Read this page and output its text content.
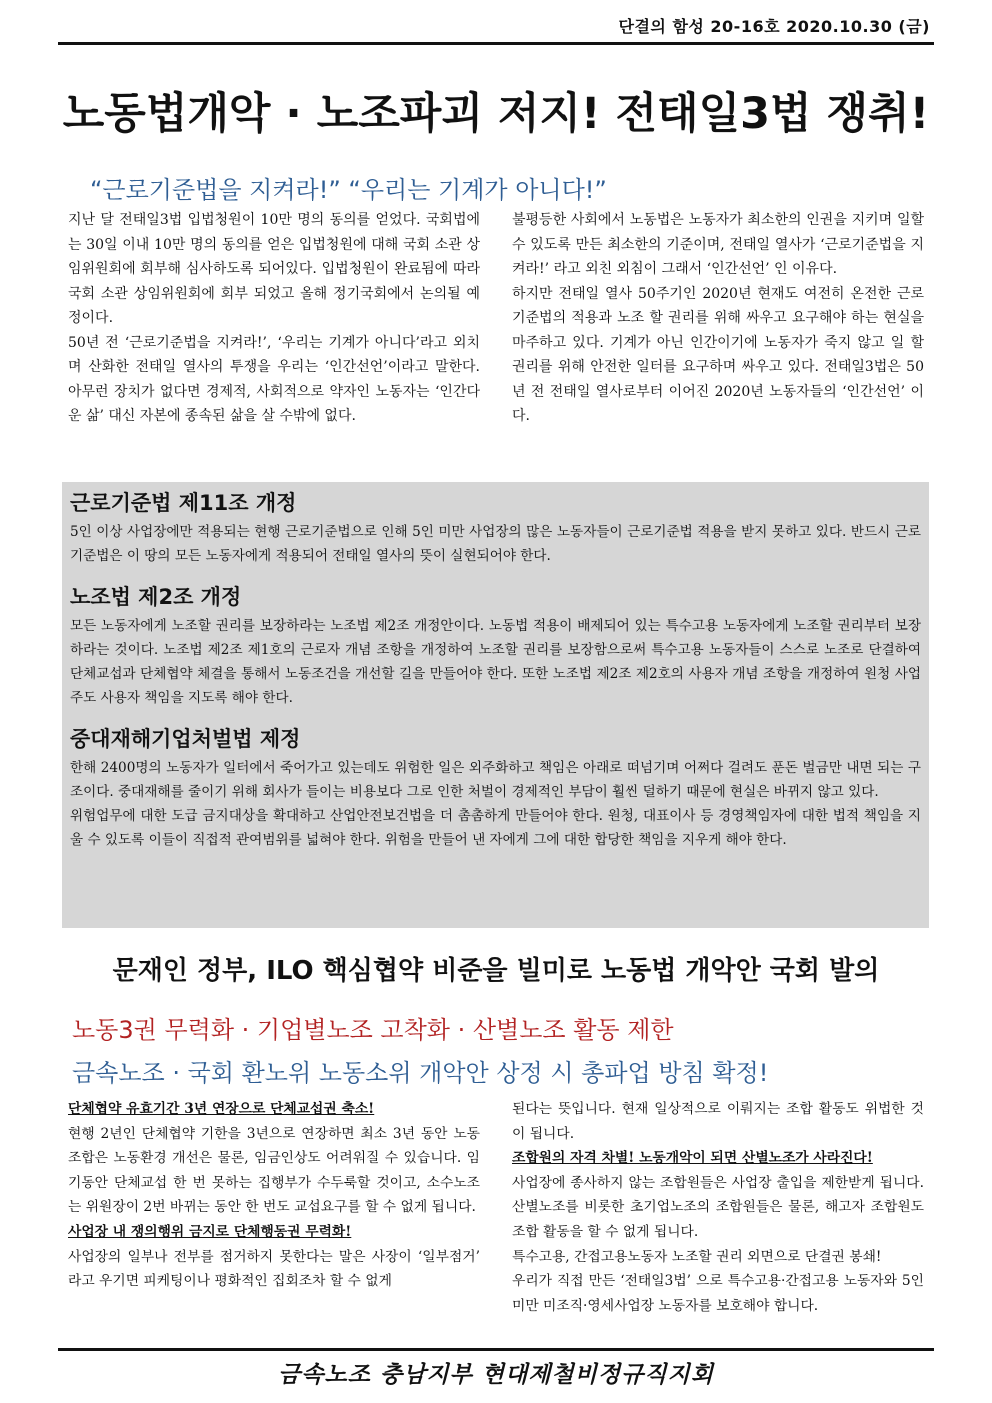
단결의 함성 20-16호 2020.10.30 (금)
노동법개악 · 노조파괴 저지! 전태일3법 쟁취!
“근로기준법을 지켜라!” “우리는 기계가 아니다!”

지난 달 전태일3법 입법청원이 10만 명의 동의를 얻었다. 국회법에는 30일 이내 10만 명의 동의를 얻은 입법청원에 대해 국회 소관 상임위원회에 회부해 심사하도록 되어있다. 입법청원이 완료됨에 따라 국회 소관 상임위원회에 회부 되었고 올해 정기국회에서 논의될 예정이다.

50년 전 ‘근로기준법을 지켜라!’, ‘우리는 기계가 아니다’라고 외치며 산화한 전태일 열사의 투쟁을 우리는 ‘인간선언’이라고 말한다. 아무런 장치가 없다면 경제적, 사회적으로 약자인 노동자는 ‘인간다운 삶’ 대신 자본에 종속된 삶을 살 수밖에 없다.

불평등한 사회에서 노동법은 노동자가 최소한의 인권을 지키며 일할 수 있도록 만든 최소한의 기준이며, 전태일 열사가 ‘근로기준법을 지켜라!’ 라고 외친 외침이 그래서 ‘인간선언’ 인 이유다.

하지만 전태일 열사 50주기인 2020년 현재도 여전히 온전한 근로기준법의 적용과 노조 할 권리를 위해 싸우고 요구해야 하는 현실을 마주하고 있다. 기계가 아닌 인간이기에 노동자가 죽지 않고 일 할 권리를 위해 안전한 일터를 요구하며 싸우고 있다. 전태일3법은 50년 전 전태일 열사로부터 이어진 2020년 노동자들의 ‘인간선언’ 이다.

근로기준법 제11조 개정

5인 이상 사업장에만 적용되는 현행 근로기준법으로 인해 5인 미만 사업장의 많은 노동자들이 근로기준법 적용을 받지 못하고 있다. 반드시 근로기준법은 이 땅의 모든 노동자에게 적용되어 전태일 열사의 뜻이 실현되어야 한다.

노조법 제2조 개정

모든 노동자에게 노조할 권리를 보장하라는 노조법 제2조 개정안이다. 노동법 적용이 배제되어 있는 특수고용 노동자에게 노조할 권리부터 보장하라는 것이다. 노조법 제2조 제1호의 근로자 개념 조항을 개정하여 노조할 권리를 보장함으로써 특수고용 노동자들이 스스로 노조로 단결하여 단체교섭과 단체협약 체결을 통해서 노동조건을 개선할 길을 만들어야 한다. 또한 노조법 제2조 제2호의 사용자 개념 조항을 개정하여 원청 사업주도 사용자 책임을 지도록 해야 한다.

중대재해기업처벌법 제정

한해 2400명의 노동자가 일터에서 죽어가고 있는데도 위험한 일은 외주화하고 책임은 아래로 떠넘기며 어쩌다 걸려도 푼돈 벌금만 내면 되는 구조이다. 중대재해를 줄이기 위해 회사가 들이는 비용보다 그로 인한 처벌이 경제적인 부담이 훨씬 덜하기 때문에 현실은 바뀌지 않고 있다.

위험업무에 대한 도급 금지대상을 확대하고 산업안전보건법을 더 촘촘하게 만들어야 한다. 원청, 대표이사 등 경영책임자에 대한 법적 책임을 지울 수 있도록 이들이 직접적 관여범위를 넓혀야 한다. 위험을 만들어 낸 자에게 그에 대한 합당한 책임을 지우게 해야 한다.

문재인 정부, ILO 핵심협약 비준을 빌미로 노동법 개악안 국회 발의
노동3권 무력화 · 기업별노조 고착화 · 산별노조 활동 제한
금속노조 · 국회 환노위 노동소위 개악안 상정 시 총파업 방침 확정!

단체협약 유효기간 3년 연장으로 단체교섭권 축소!

현행 2년인 단체협약 기한을 3년으로 연장하면 최소 3년 동안 노동조합은 노동환경 개선은 물론, 임금인상도 어려워질 수 있습니다. 임기동안 단체교섭 한 번 못하는 집행부가 수두룩할 것이고, 소수노조는 위원장이 2번 바뀌는 동안 한 번도 교섭요구를 할 수 없게 됩니다.

사업장 내 쟁의행위 금지로 단체행동권 무력화!

사업장의 일부나 전부를 점거하지 못한다는 말은 사장이 ‘일부점거’ 라고 우기면 피케팅이나 평화적인 집회조차 할 수 없게

된다는 뜻입니다. 현재 일상적으로 이뤄지는 조합 활동도 위법한 것이 됩니다.

조합원의 자격 차별! 노동개악이 되면 산별노조가 사라진다!

사업장에 종사하지 않는 조합원들은 사업장 출입을 제한받게 됩니다. 산별노조를 비롯한 초기업노조의 조합원들은 물론, 해고자 조합원도 조합 활동을 할 수 없게 됩니다.

특수고용, 간접고용노동자 노조할 권리 외면으로 단결권 봉쇄!

우리가 직접 만든 ‘전태일3법’ 으로 특수고용·간접고용 노동자와 5인 미만 미조직·영세사업장 노동자를 보호해야 합니다.

금속노조 충남지부 현대제철비정규직지회
